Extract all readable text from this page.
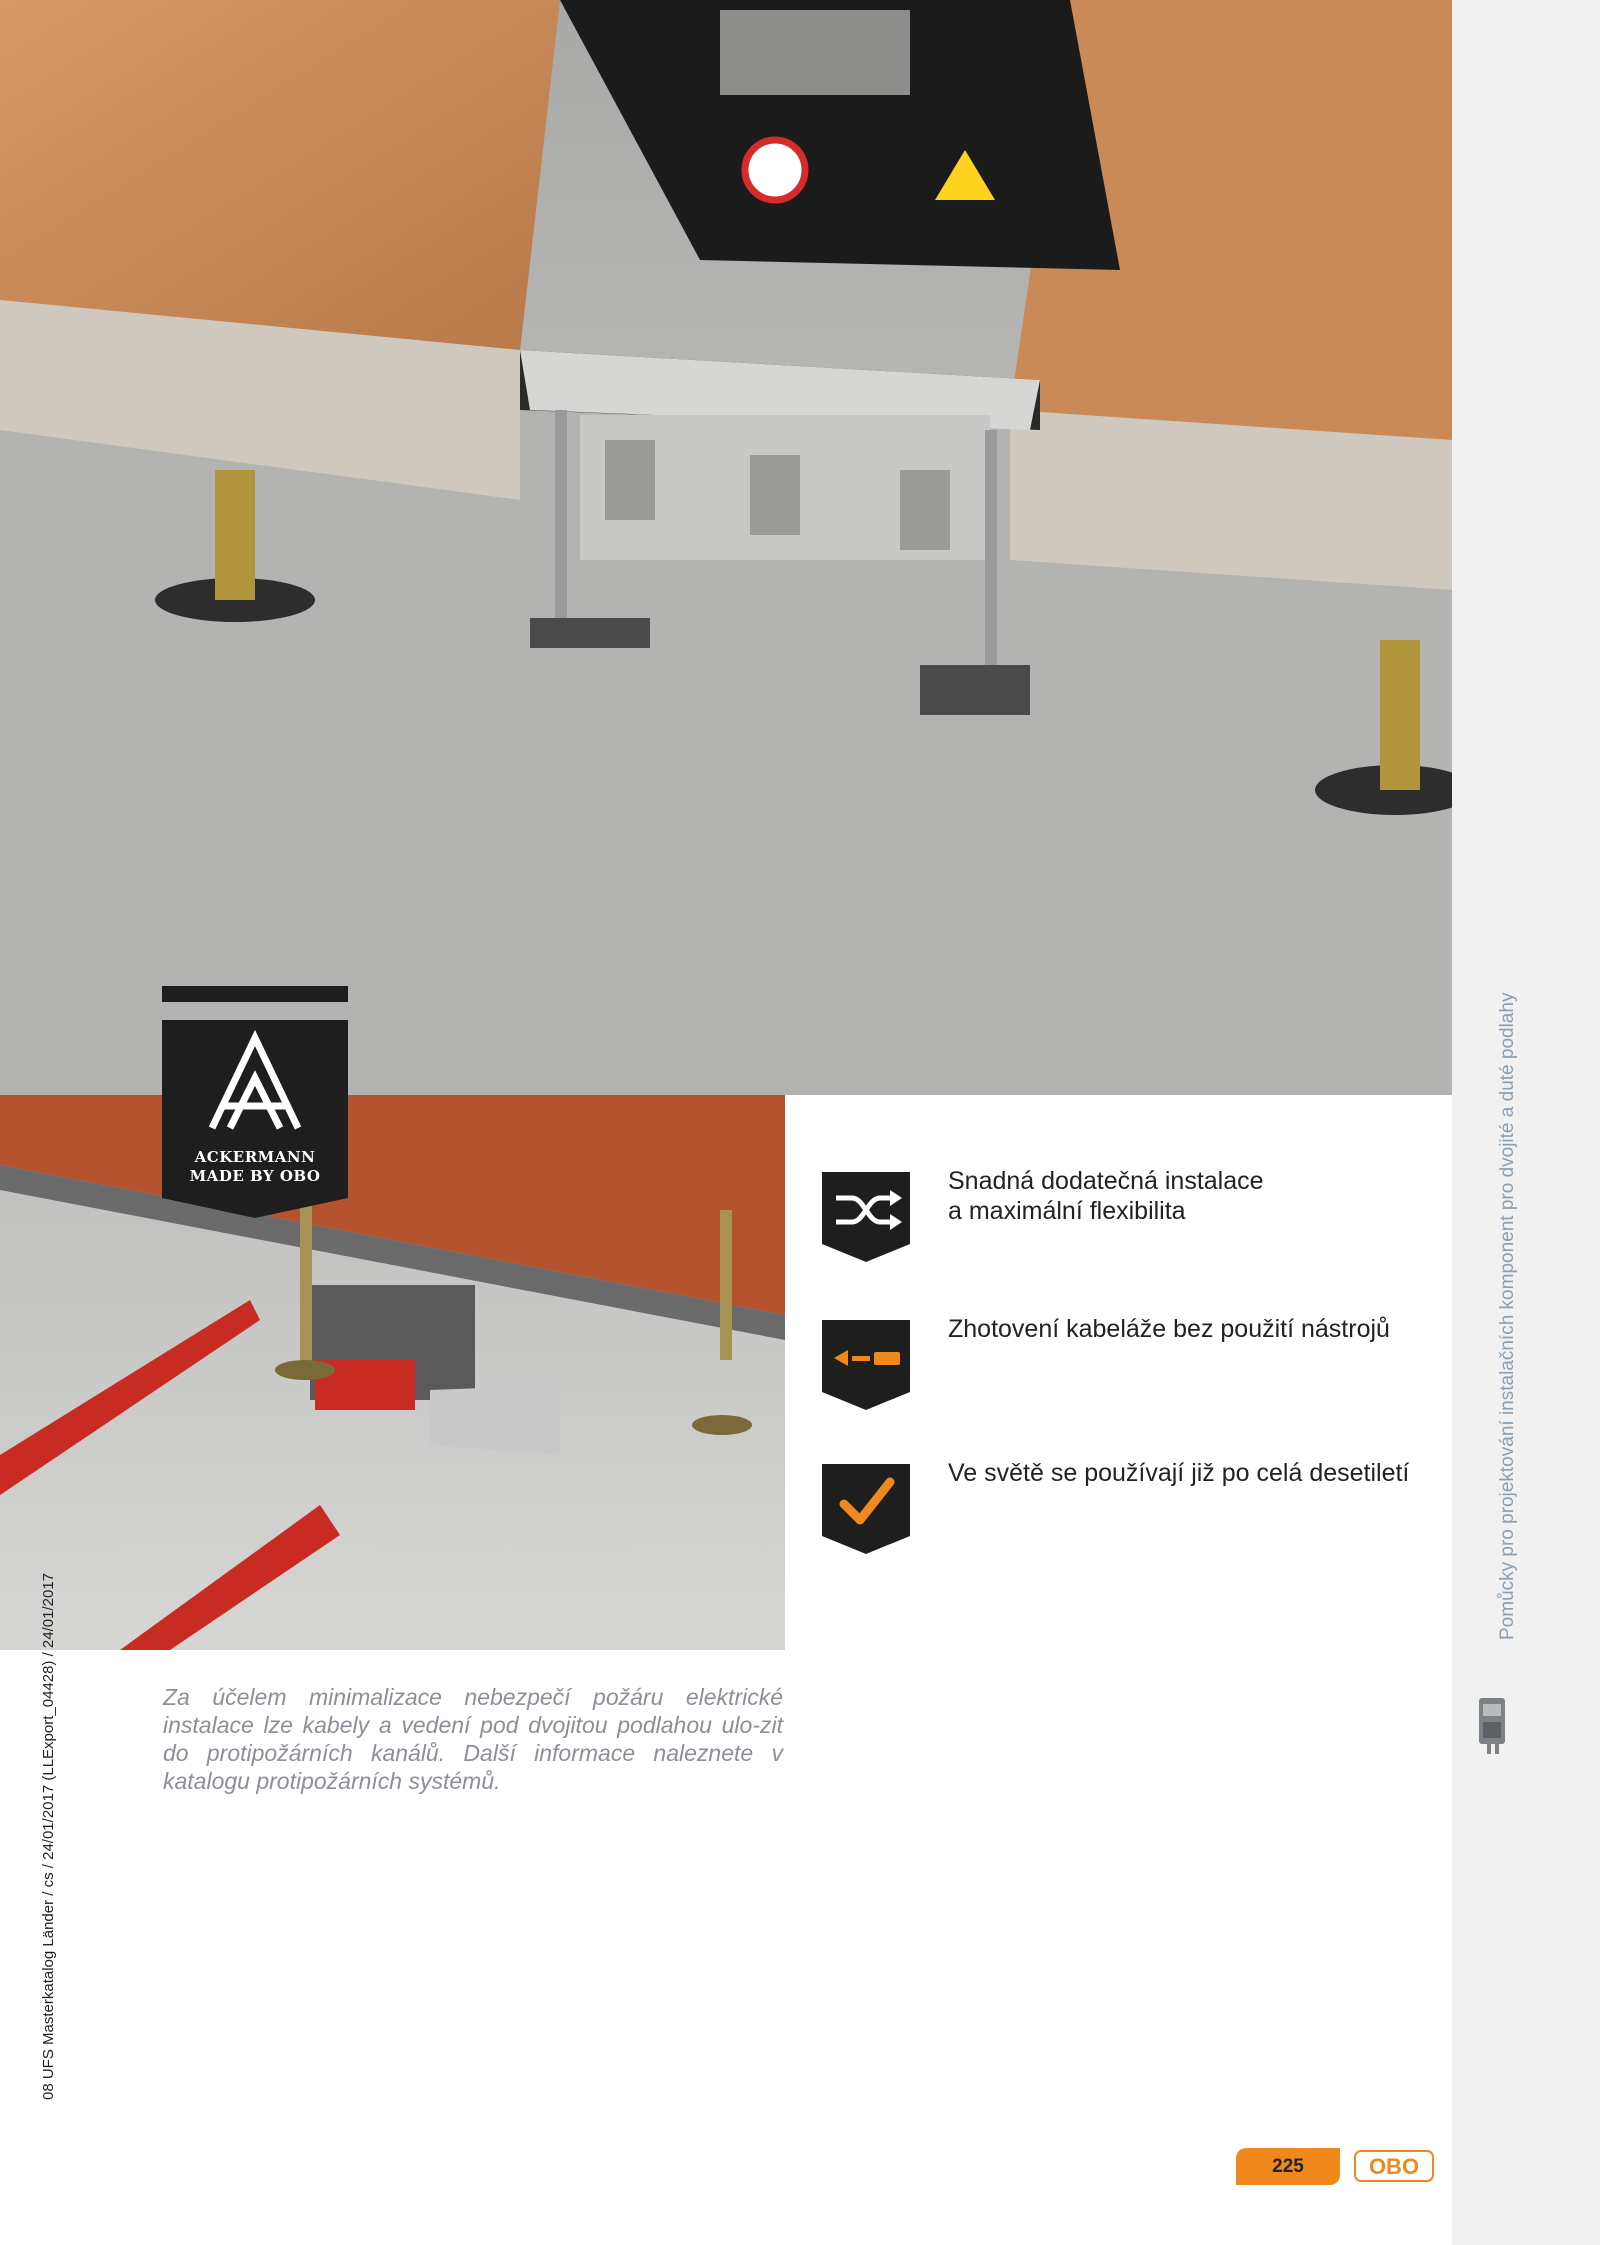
Pomůcky pro projektování instalačních komponent pro dvojité a duté podlahy
08 UFS Masterkatalog Länder / cs / 24/01/2017 (LLExport_04428) / 24/01/2017
ACKERMANN
MADE BY OBO	Snadná dodatečná instalace
a maximální flexibilita
Zhotovení kabeláže bez použití nástrojů
Ve světě se používají již po celá desetiletí
Za účelem minimalizace nebezpečí požáru elektrické instalace lze kabely a vedení pod dvojitou podlahou ulo-zit do protipožárních kanálů. Další informace naleznete v katalogu protipožárních systémů.
225	OBO
